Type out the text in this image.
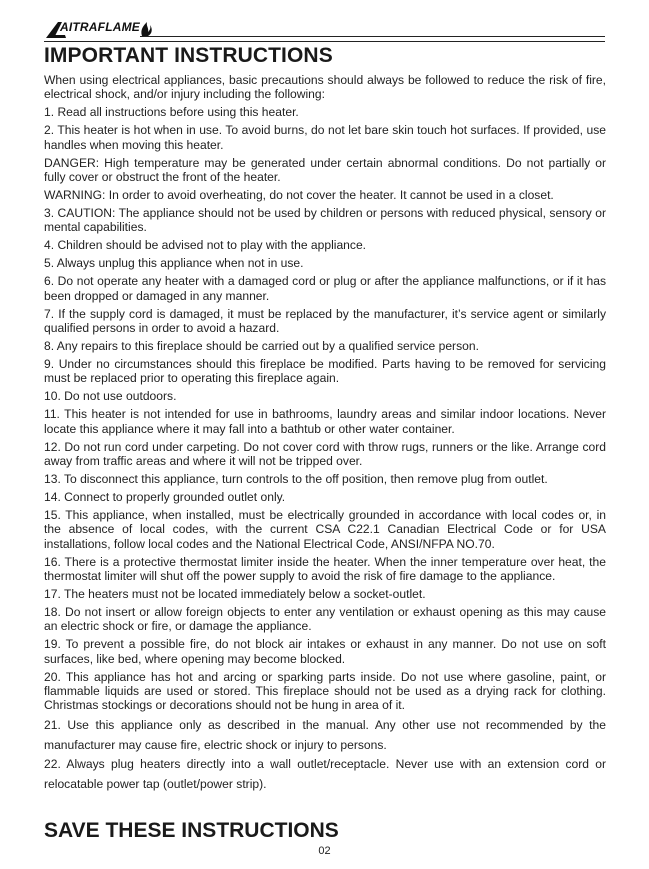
AITRAFLAME
IMPORTANT INSTRUCTIONS

When using electrical appliances, basic precautions should always be followed to reduce the risk of fire, electrical shock, and/or injury including the following:

1. Read all instructions before using this heater.

2. This heater is hot when in use. To avoid burns, do not let bare skin touch hot surfaces. If provided, use handles when moving this heater.

DANGER: High temperature may be generated under certain abnormal conditions. Do not partially or fully cover or obstruct the front of the heater.

WARNING: In order to avoid overheating, do not cover the heater. It cannot be used in a closet.

3. CAUTION: The appliance should not be used by children or persons with reduced physical, sensory or mental capabilities.

4. Children should be advised not to play with the appliance.

5. Always unplug this appliance when not in use.

6. Do not operate any heater with a damaged cord or plug or after the appliance malfunctions, or if it has been dropped or damaged in any manner.

7. If the supply cord is damaged, it must be replaced by the manufacturer, it’s service agent or similarly qualified persons in order to avoid a hazard.

8. Any repairs to this fireplace should be carried out by a qualified service person.

9. Under no circumstances should this fireplace be modified. Parts having to be removed for servicing must be replaced prior to operating this fireplace again.

10. Do not use outdoors.

11. This heater is not intended for use in bathrooms, laundry areas and similar indoor locations. Never locate this appliance where it may fall into a bathtub or other water container.

12. Do not run cord under carpeting. Do not cover cord with throw rugs, runners or the like. Arrange cord away from traffic areas and where it will not be tripped over.

13. To disconnect this appliance, turn controls to the off position, then remove plug from outlet.

14. Connect to properly grounded outlet only.

15. This appliance, when installed, must be electrically grounded in accordance with local codes or, in the absence of local codes, with the current CSA C22.1 Canadian Electrical Code or for USA installations, follow local codes and the National Electrical Code, ANSI/NFPA NO.70.

16. There is a protective thermostat limiter inside the heater. When the inner temperature over heat, the thermostat limiter will shut off the power supply to avoid the risk of fire damage to the appliance.

17. The heaters must not be located immediately below a socket-outlet.

18. Do not insert or allow foreign objects to enter any ventilation or exhaust opening as this may cause an electric shock or fire, or damage the appliance.

19. To prevent a possible fire, do not block air intakes or exhaust in any manner. Do not use on soft surfaces, like bed, where opening may become blocked.

20. This appliance has hot and arcing or sparking parts inside. Do not use where gasoline, paint, or flammable liquids are used or stored. This fireplace should not be used as a drying rack for clothing. Christmas stockings or decorations should not be hung in area of it.

21. Use this appliance only as described in the manual. Any other use not recommended by the manufacturer may cause fire, electric shock or injury to persons.

22. Always plug heaters directly into a wall outlet/receptacle. Never use with an extension cord or relocatable power tap (outlet/power strip).

SAVE THESE INSTRUCTIONS
02
